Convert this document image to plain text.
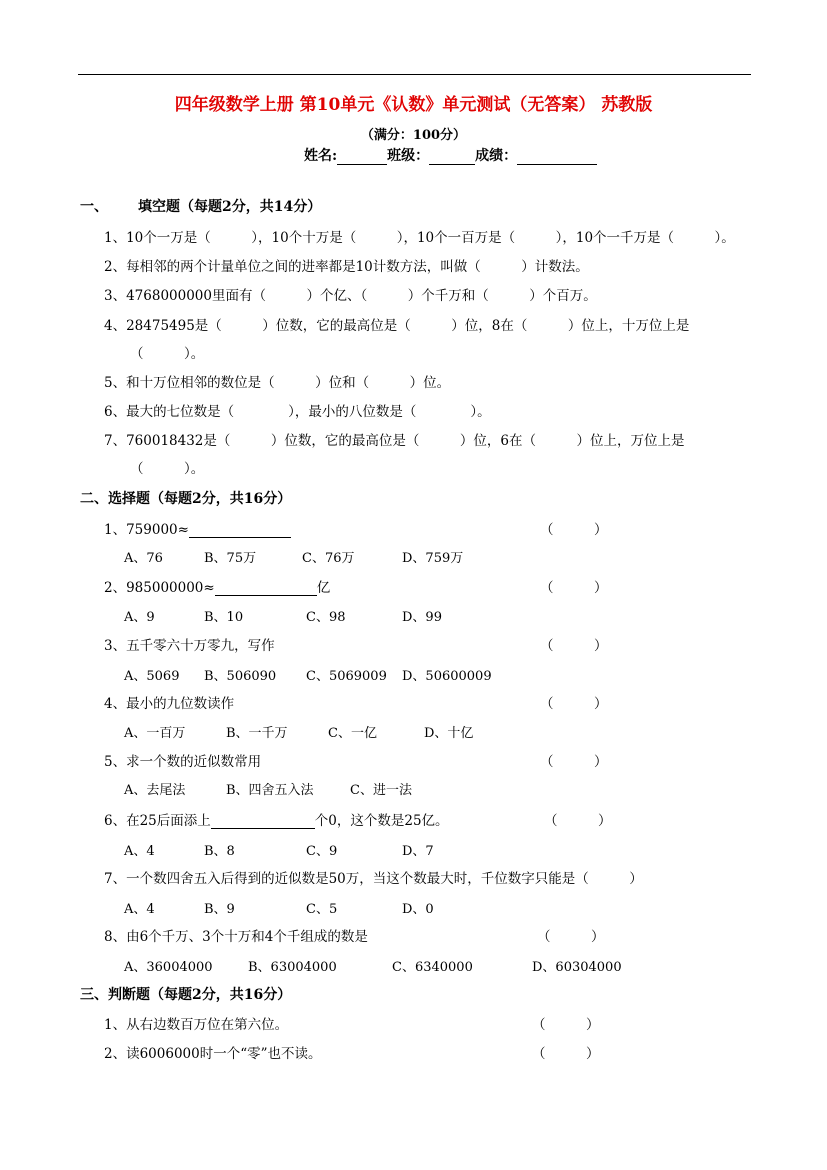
四年级数学上册 第10单元《认数》单元测试（无答案） 苏教版
（满分：100分）
姓名:	班级：	成绩：
一、 填空题（每题2分，共14分）
1、10个一万是（　　　），10个十万是（　　　），10个一百万是（　　　），10个一千万是（　　　）。
2、每相邻的两个计量单位之间的进率都是10计数方法，叫做（　　　）计数法。
3、4768000000里面有（　　　）个亿、（　　　）个千万和（　　　）个百万。
4、28475495是（　　　）位数，它的最高位是（　　　）位，8在（　　　）位上，十万位上是
（　　　）。
5、和十万位相邻的数位是（　　　）位和（　　　）位。
6、最大的七位数是（　　　　），最小的八位数是（　　　　）。
7、760018432是（　　　）位数，它的最高位是（　　　）位，6在（　　　）位上，万位上是
（　　　）。
二、选择题（每题2分，共16分）
1、759000≈	（　　　）
A、76	B、75万	C、76万	D、759万
2、985000000≈	亿	（　　　）
A、9	B、10	C、98	D、99
3、五千零六十万零九，写作	（　　　）
A、5069 B、506090 C、5069009 D、50600009
4、最小的九位数读作	（　　　）
A、一百万	B、一千万	C、一亿	D、十亿
5、求一个数的近似数常用	（　　　）
A、去尾法	B、四舍五入法	C、进一法
6、在25后面添上	个0，这个数是25亿。	（　　　）
A、4	B、8	C、9	D、7
7、一个数四舍五入后得到的近似数是50万，当这个数最大时，千位数字只能是（　　　）
A、4	B、9	C、5	D、0
8、由6个千万、3个十万和4个千组成的数是	（　　　）
A、36004000	B、63004000	C、6340000	D、60304000
三、判断题（每题2分，共16分）
1、从右边数百万位在第六位。	（　　　）
2、读6006000时一个“零”也不读。	（　　　）
